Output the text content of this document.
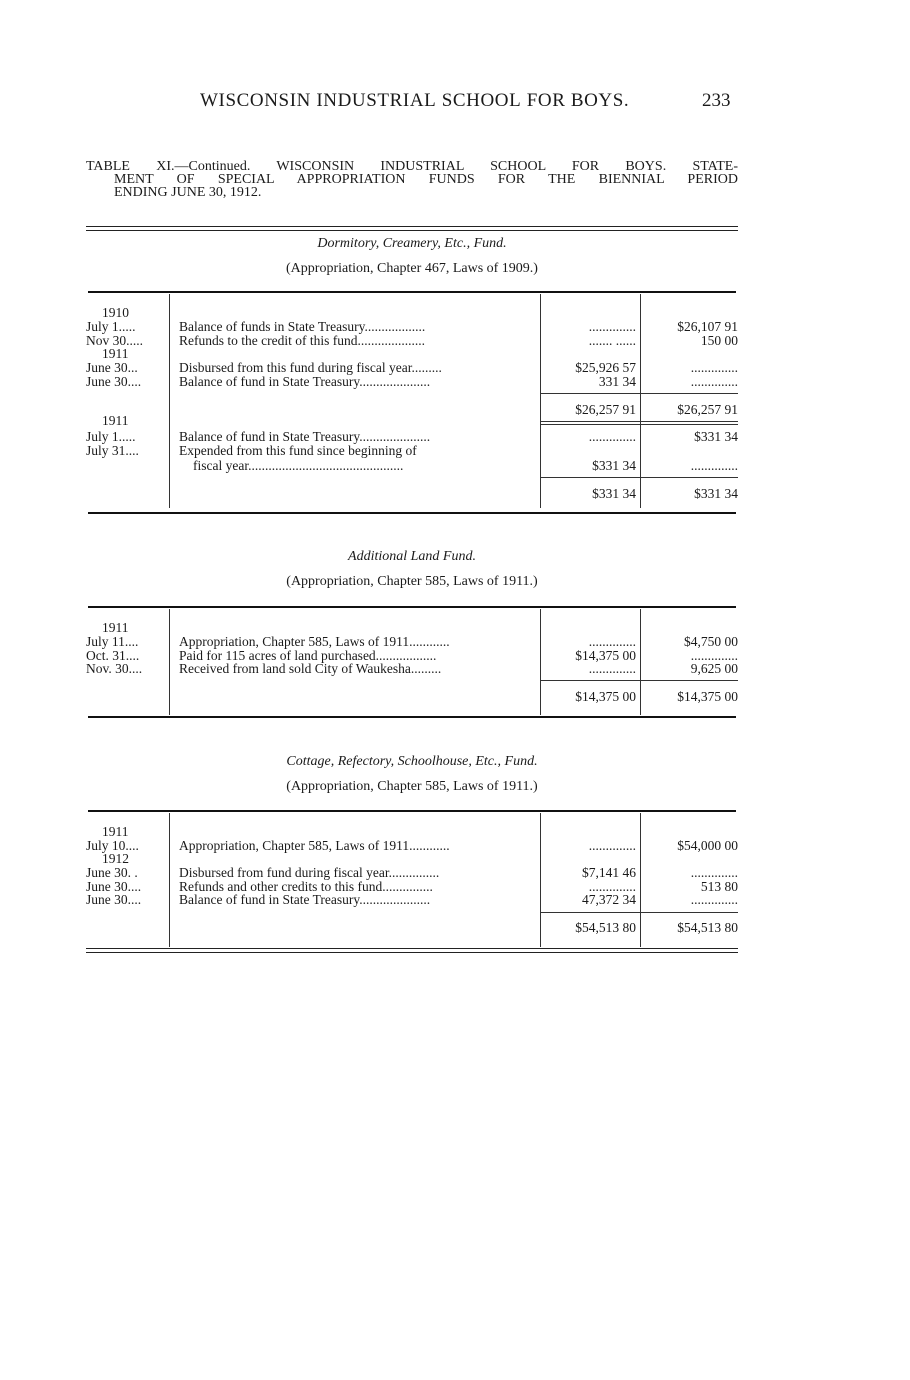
WISCONSIN INDUSTRIAL SCHOOL FOR BOYS.	233
TABLE XI.—Continued. WISCONSIN INDUSTRIAL SCHOOL FOR BOYS. STATE-
MENT OF SPECIAL APPROPRIATION FUNDS FOR THE BIENNIAL PERIOD
ENDING JUNE 30, 1912.
Dormitory, Creamery, Etc., Fund.
(Appropriation, Chapter 467, Laws of 1909.)
1910
July 1.....	Balance of funds in State Treasury..................	..............	$26,107 91
Nov 30.....	Refunds to the credit of this fund....................	....... ......	150 00
1911
June 30...	Disbursed from this fund during fiscal year.........	$25,926 57	..............
June 30....	Balance of fund in State Treasury.....................	331 34	..............
$26,257 91	$26,257 91
1911
July 1.....	Balance of fund in State Treasury.....................	..............	$331 34
July 31....	Expended from this fund since beginning of
fiscal year..............................................	$331 34	..............
$331 34	$331 34
Additional Land Fund.
(Appropriation, Chapter 585, Laws of 1911.)
1911
July 11....	Appropriation, Chapter 585, Laws of 1911............	..............	$4,750 00
Oct. 31....	Paid for 115 acres of land purchased..................	$14,375 00	..............
Nov. 30....	Received from land sold City of Waukesha.........	..............	9,625 00
$14,375 00	$14,375 00
Cottage, Refectory, Schoolhouse, Etc., Fund.
(Appropriation, Chapter 585, Laws of 1911.)
1911
July 10....	Appropriation, Chapter 585, Laws of 1911............	..............	$54,000 00
1912
June 30. .	Disbursed from fund during fiscal year...............	$7,141 46	..............
June 30....	Refunds and other credits to this fund...............	..............	513 80
June 30....	Balance of fund in State Treasury.....................	47,372 34	..............
$54,513 80	$54,513 80
